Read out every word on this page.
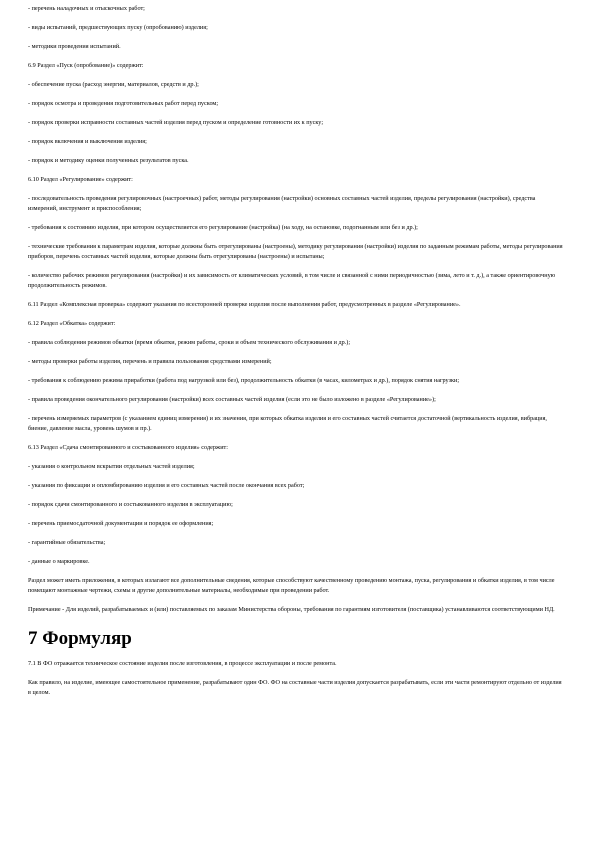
- перечень наладочных и отыскочных работ;

- виды испытаний, предшествующих пуску (опробованию) изделия;

- методики проведения испытаний.

6.9 Раздел «Пуск (опробование)» содержит:

- обеспечение пуска (расход энергии, материалов, средств и др.);

- порядок осмотра и проведения подготовительных работ перед пуском;

- порядок проверки исправности составных частей изделия перед пуском и определение готовности их к пуску;

- порядок включения и выключения изделия;

- порядок и методику оценки полученных результатов пуска.

6.10 Раздел «Регулирование» содержит:

- последовательность проведения регулировочных (настроечных) работ, методы регулирования (настройки) основных составных частей изделия, пределы регулирования (настройки), средства измерений, инструмент и приспособления;

- требования к состоянию изделия, при котором осуществляется его регулирование (настройка) (на ходу, на остановке, подогнанным или без и др.);

- технические требования к параметрам изделия, которые должны быть отрегулированы (настроены), методику регулирования (настройки) изделия по заданным режимам работы, методы регулирования приборов, перечень составных частей изделия, которые должны быть отрегулированы (настроены) и испытаны;

- количество рабочих режимов регулирования (настройки) и их зависимость от климатических условий, в том числе и связанной с ними периодичностью (зима, лето и т. д.), а также ориентировочную продолжительность режимов.

6.11 Раздел «Комплексная проверка» содержит указания по всесторонней проверке изделия после выполнения работ, предусмотренных в разделе «Регулирование».

6.12 Раздел «Обкатка» содержит:

- правила соблюдения режимов обкатки (время обкатки, режим работы, сроки и объем технического обслуживания и др.);

- методы проверки работы изделия, перечень и правила пользования средствами измерений;

- требования к соблюдению режима приработки (работа под нагрузкой или без), продолжительность обкатки (в часах, километрах и др.), порядок снятия нагрузки;

- правила проведения окончательного регулирования (настройки) всех составных частей изделия (если это не было изложено в разделе «Регулирование»);

- перечень измеряемых параметров (с указанием единиц измерения) и их значения, при которых обкатка изделия и его составных частей считается достаточной (вертикальность изделия, вибрация, биение, давление масла, уровень шумов и пр.).

6.13 Раздел «Сдача смонтированного и состыкованного изделия» содержит:

- указания о контрольном вскрытии отдельных частей изделия;

- указания по фиксации и опломбированию изделия и его составных частей после окончания всех работ;

- порядок сдачи смонтированного и состыкованного изделия в эксплуатацию;

- перечень приемосдаточной документации и порядок ее оформления;

- гарантийные обязательства;

- данные о маркировке.

Раздел может иметь приложения, в которых излагают все дополнительные сведения, которые способствуют качественному проведению монтажа, пуска, регулирования и обкатки изделия, в том числе помещают монтажные чертежи, схемы и другие дополнительные материалы, необходимые при проведении работ.

Примечание - Для изделий, разрабатываемых и (или) поставляемых по заказам Министерства обороны, требования по гарантиям изготовителя (поставщика) устанавливаются соответствующими НД.

7 Формуляр

7.1 В ФО отражается техническое состояние изделия после изготовления, в процессе эксплуатации и после ремонта.

Как правило, на изделие, имеющее самостоятельное применение, разрабатывают один ФО. ФО на составные части изделия допускается разрабатывать, если эти части ремонтируют отдельно от изделия в целом.
